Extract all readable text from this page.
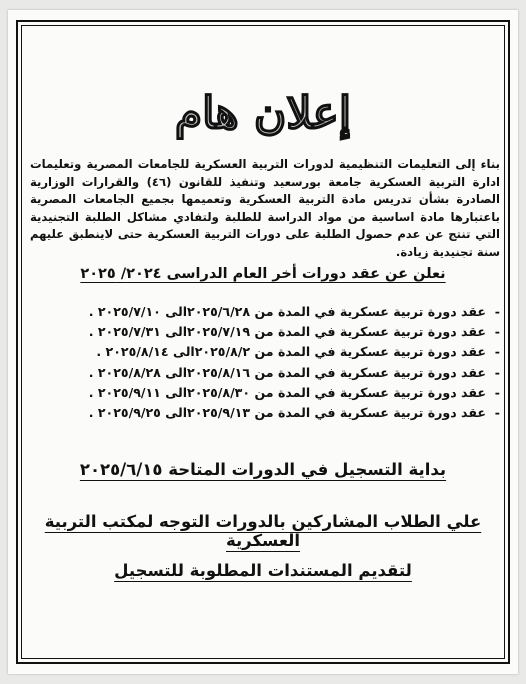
إعلان هام
بناء إلى التعليمات التنظيمية لدورات التربية العسكرية للجامعات المصرية وتعليمات ادارة التربية العسكرية جامعة بورسعيد وتنفيذ للقانون (٤٦) والقرارات الوزارية الصادرة بشأن تدريس مادة التربية العسكرية وتعميمها بجميع الجامعات المصرية باعتبارها مادة اساسية من مواد الدراسة للطلبة ولتفادي مشاكل الطلبة التجنيدية التي تنتج عن عدم حصول الطلبة على دورات التربية العسكرية حتى لاينطبق عليهم سنة تجنيدية زيادة.
نعلن عن عقد دورات أخر العام الدراسى ٢٠٢٤/ ٢٠٢٥
-عقد دورة تربية عسكرية في المدة من ٢٠٢٥/٦/٢٨الى ٢٠٢٥/٧/١٠ .
-عقد دورة تربية عسكرية في المدة من ٢٠٢٥/٧/١٩الى ٢٠٢٥/٧/٣١ .
-عقد دورة تربية عسكرية في المدة من ٢٠٢٥/٨/٢الى ٢٠٢٥/٨/١٤ .
-عقد دورة تربية عسكرية في المدة من ٢٠٢٥/٨/١٦الى ٢٠٢٥/٨/٢٨ .
-عقد دورة تربية عسكرية في المدة من ٢٠٢٥/٨/٣٠الى ٢٠٢٥/٩/١١ .
-عقد دورة تربية عسكرية في المدة من ٢٠٢٥/٩/١٣الى ٢٠٢٥/٩/٢٥ .
بداية التسجيل في الدورات المتاحة ٢٠٢٥/٦/١٥
علي الطلاب المشاركين بالدورات التوجه لمكتب التربية العسكرية
لتقديم المستندات المطلوبة للتسجيل
